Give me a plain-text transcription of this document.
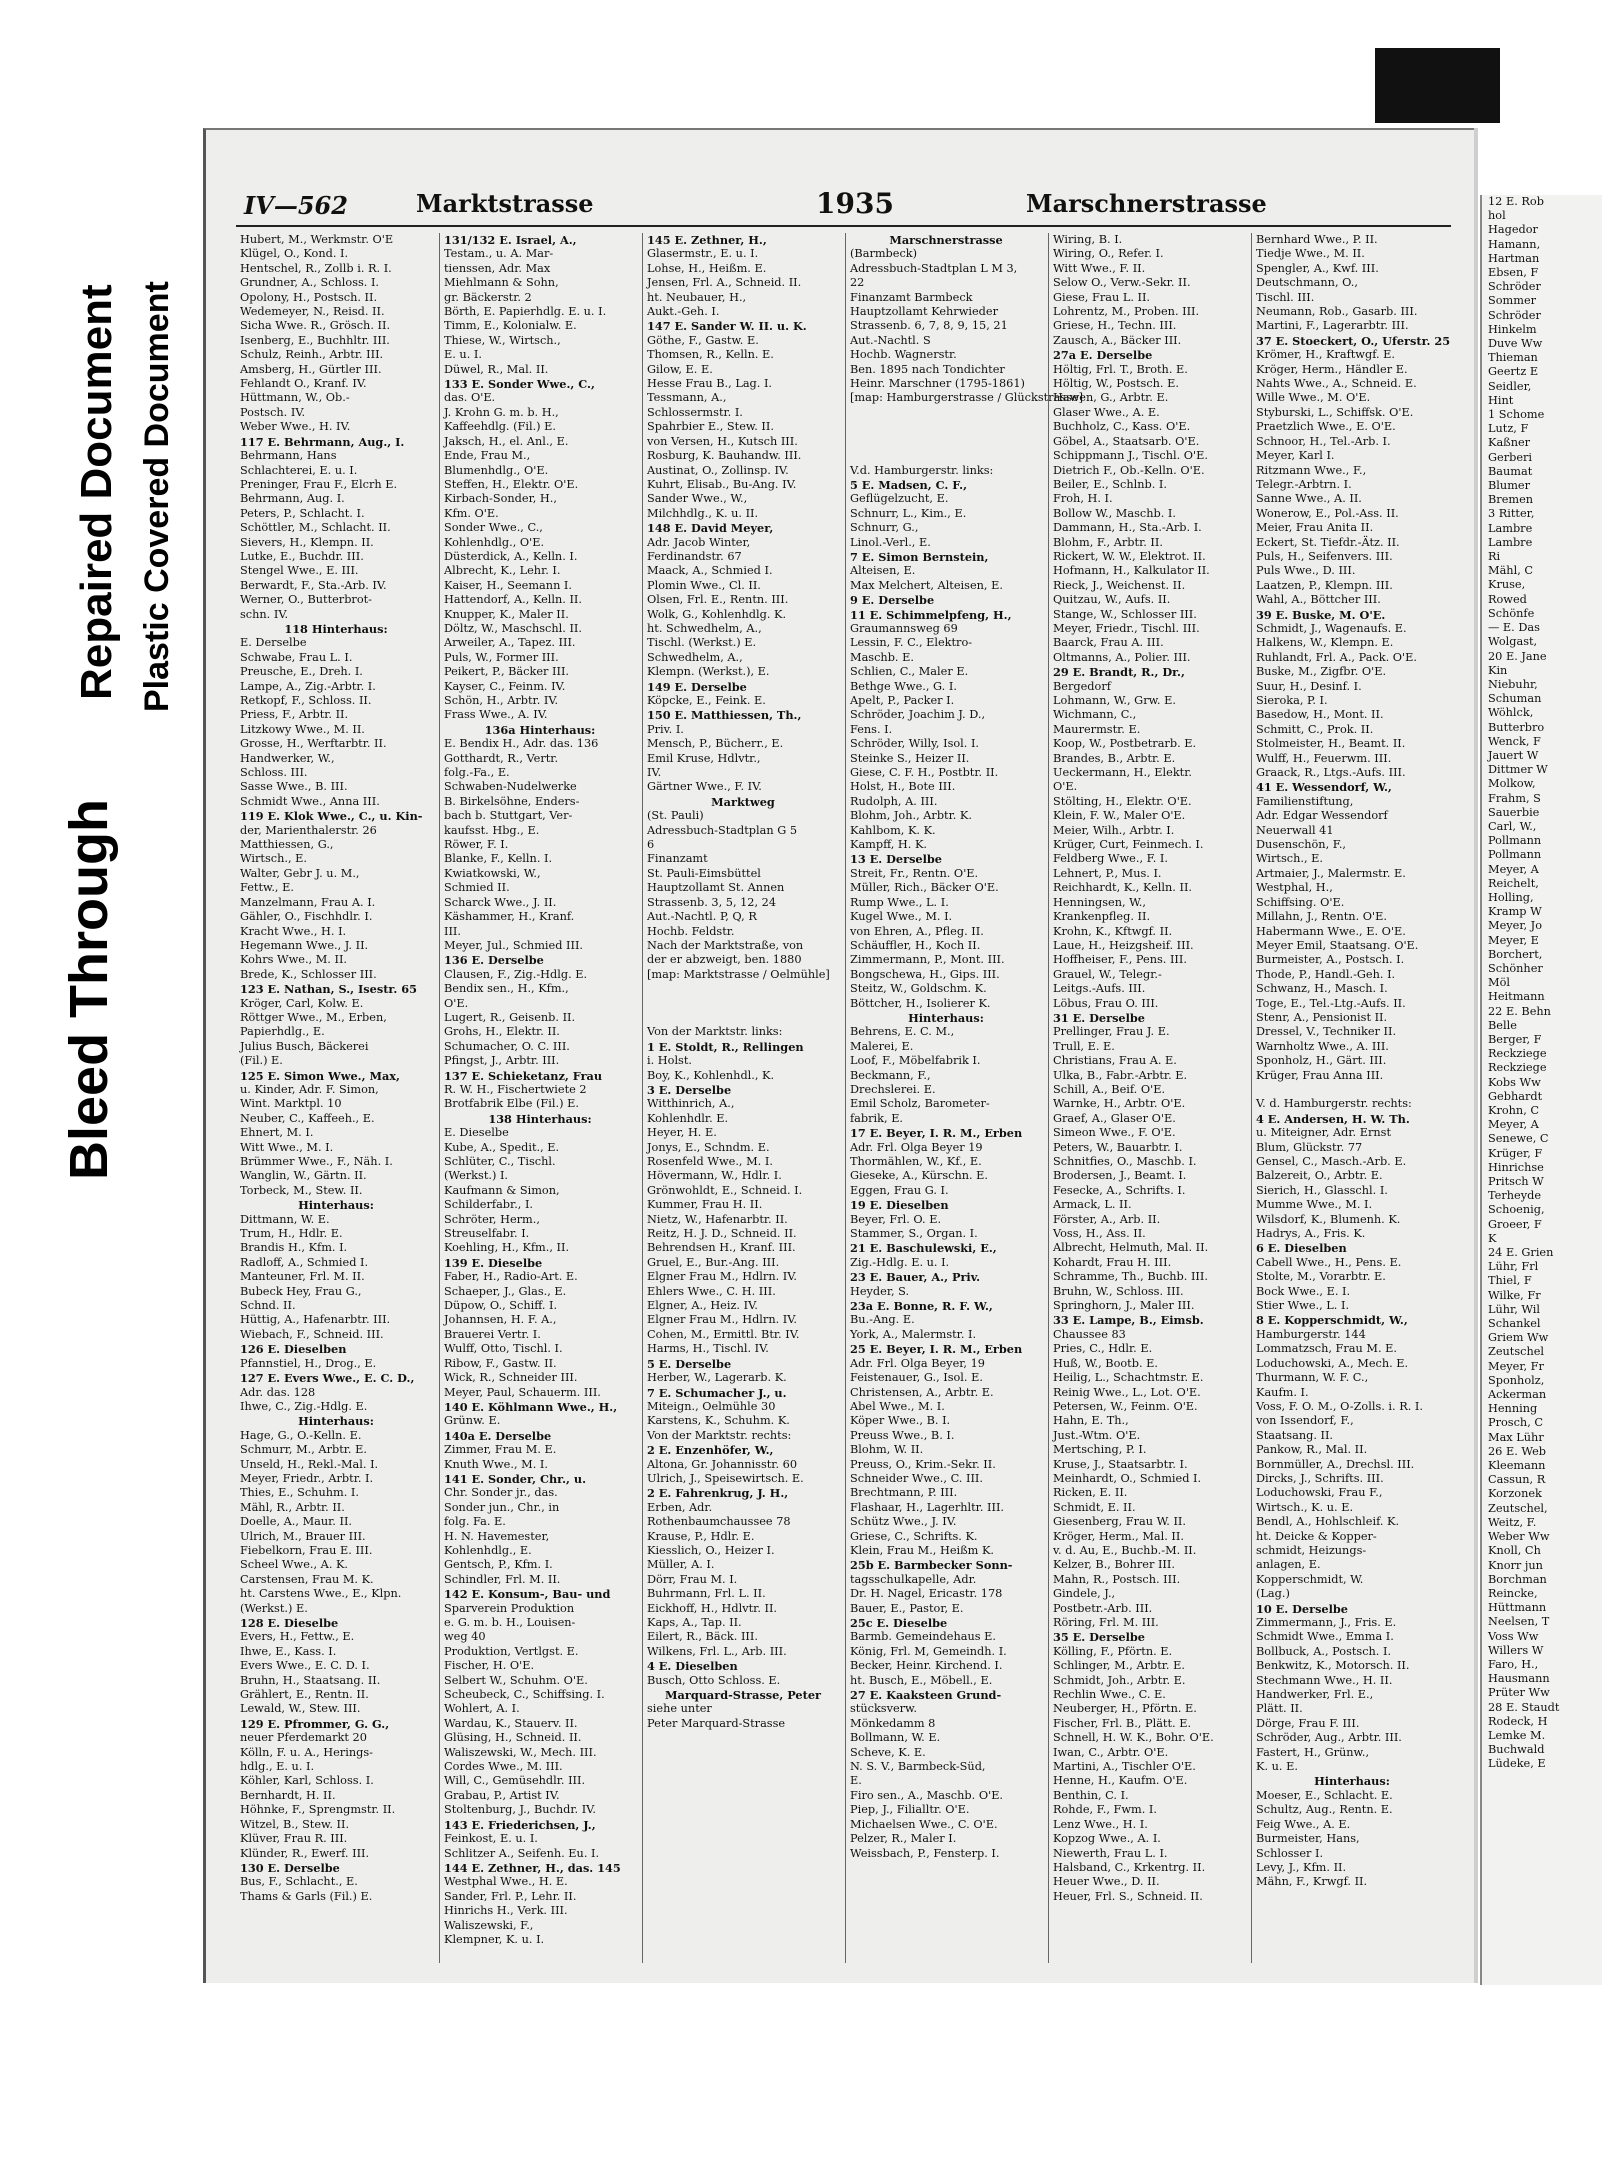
Bleed Through
Repaired Document Plastic Covered Document
IV—562	Marktstrasse	1935	Marschnerstrasse
Hubert, M., Werkmstr. O'E
Klügel, O., Kond. I.
Hentschel, R., Zollb i. R. I.
Grundner, A., Schloss. I.
Opolony, H., Postsch. II.
Wedemeyer, N., Reisd. II.
Sicha Wwe. R., Grösch. II.
Isenberg, E., Buchhltr. III.
Schulz, Reinh., Arbtr. III.
Amsberg, H., Gürtler III.
Fehlandt O., Kranf. IV.
Hüttmann, W., Ob.-
Postsch. IV.
Weber Wwe., H. IV.
117 E. Behrmann, Aug., I.
Behrmann, Hans
Schlachterei, E. u. I.
Preninger, Frau F., Elcrh E.
Behrmann, Aug. I.
Peters, P., Schlacht. I.
Schöttler, M., Schlacht. II.
Sievers, H., Klempn. II.
Lutke, E., Buchdr. III.
Stengel Wwe., E. III.
Berwardt, F., Sta.-Arb. IV.
Werner, O., Butterbrot-
schn. IV.
118 Hinterhaus:
E. Derselbe
Schwabe, Frau L. I.
Preusche, E., Dreh. I.
Lampe, A., Zig.-Arbtr. I.
Retkopf, F., Schloss. II.
Priess, F., Arbtr. II.
Litzkowy Wwe., M. II.
Grosse, H., Werftarbtr. II.
Handwerker, W.,
Schloss. III.
Sasse Wwe., B. III.
Schmidt Wwe., Anna III.
119 E. Klok Wwe., C., u. Kin-
der, Marienthalerstr. 26
Matthiessen, G.,
Wirtsch., E.
Walter, Gebr J. u. M.,
Fettw., E.
Manzelmann, Frau A. I.
Gähler, O., Fischhdlr. I.
Kracht Wwe., H. I.
Hegemann Wwe., J. II.
Kohrs Wwe., M. II.
Brede, K., Schlosser III.
123 E. Nathan, S., Isestr. 65
Kröger, Carl, Kolw. E.
Röttger Wwe., M., Erben,
Papierhdlg., E.
Julius Busch, Bäckerei
(Fil.) E.
125 E. Simon Wwe., Max,
u. Kinder, Adr. F. Simon,
Wint. Marktpl. 10
Neuber, C., Kaffeeh., E.
Ehnert, M. I.
Witt Wwe., M. I.
Brümmer Wwe., F., Näh. I.
Wanglin, W., Gärtn. II.
Torbeck, M., Stew. II.
Hinterhaus:
Dittmann, W. E.
Trum, H., Hdlr. E.
Brandis H., Kfm. I.
Radloff, A., Schmied I.
Manteuner, Frl. M. II.
Bubeck Hey, Frau G.,
Schnd. II.
Hüttig, A., Hafenarbtr. III.
Wiebach, F., Schneid. III.
126 E. Dieselben
Pfannstiel, H., Drog., E.
127 E. Evers Wwe., E. C. D.,
Adr. das. 128
Ihwe, C., Zig.-Hdlg. E.
Hinterhaus:
Hage, G., O.-Kelln. E.
Schmurr, M., Arbtr. E.
Unseld, H., Rekl.-Mal. I.
Meyer, Friedr., Arbtr. I.
Thies, E., Schuhm. I.
Mähl, R., Arbtr. II.
Doelle, A., Maur. II.
Ulrich, M., Brauer III.
Fiebelkorn, Frau E. III.
Scheel Wwe., A. K.
Carstensen, Frau M. K.
ht. Carstens Wwe., E., Klpn.
(Werkst.) E.
128 E. Dieselbe
Evers, H., Fettw., E.
Ihwe, E., Kass. I.
Evers Wwe., E. C. D. I.
Bruhn, H., Staatsang. II.
Grählert, E., Rentn. II.
Lewald, W., Stew. III.
129 E. Pfrommer, G. G.,
neuer Pferdemarkt 20
Kölln, F. u. A., Herings-
hdlg., E. u. I.
Köhler, Karl, Schloss. I.
Bernhardt, H. II.
Höhnke, F., Sprengmstr. II.
Witzel, B., Stew. II.
Klüver, Frau R. III.
Klünder, R., Ewerf. III.
130 E. Derselbe
Bus, F., Schlacht., E.
Thams & Garls (Fil.) E.
131/132 E. Israel, A.,
Testam., u. A. Mar-
tienssen, Adr. Max
Miehlmann & Sohn,
gr. Bäckerstr. 2
Börth, E. Papierhdlg. E. u. I.
Timm, E., Kolonialw. E.
Thiese, W., Wirtsch.,
E. u. I.
Düwel, R., Mal. II.
133 E. Sonder Wwe., C.,
das. O'E.
J. Krohn G. m. b. H.,
Kaffeehdlg. (Fil.) E.
Jaksch, H., el. Anl., E.
Ende, Frau M.,
Blumenhdlg., O'E.
Steffen, H., Elektr. O'E.
Kirbach-Sonder, H.,
Kfm. O'E.
Sonder Wwe., C.,
Kohlenhdlg., O'E.
Düsterdick, A., Kelln. I.
Albrecht, K., Lehr. I.
Kaiser, H., Seemann I.
Hattendorf, A., Kelln. II.
Knupper, K., Maler II.
Döltz, W., Maschschl. II.
Arweiler, A., Tapez. III.
Puls, W., Former III.
Peikert, P., Bäcker III.
Kayser, C., Feinm. IV.
Schön, H., Arbtr. IV.
Frass Wwe., A. IV.
136a Hinterhaus:
E. Bendix H., Adr. das. 136
Gotthardt, R., Vertr.
folg.-Fa., E.
Schwaben-Nudelwerke
B. Birkelsöhne, Enders-
bach b. Stuttgart, Ver-
kaufsst. Hbg., E.
Röwer, F. I.
Blanke, F., Kelln. I.
Kwiatkowski, W.,
Schmied II.
Scharck Wwe., J. II.
Käshammer, H., Kranf.
III.
Meyer, Jul., Schmied III.
136 E. Derselbe
Clausen, F., Zig.-Hdlg. E.
Bendix sen., H., Kfm.,
O'E.
Lugert, R., Geisenb. II.
Grohs, H., Elektr. II.
Schumacher, O. C. III.
Pfingst, J., Arbtr. III.
137 E. Schieketanz, Frau
R. W. H., Fischertwiete 2
Brotfabrik Elbe (Fil.) E.
138 Hinterhaus:
E. Dieselbe
Kube, A., Spedit., E.
Schlüter, C., Tischl.
(Werkst.) I.
Kaufmann & Simon,
Schilderfabr., I.
Schröter, Herm.,
Streuselfabr. I.
Koehling, H., Kfm., II.
139 E. Dieselbe
Faber, H., Radio-Art. E.
Schaeper, J., Glas., E.
Düpow, O., Schiff. I.
Johannsen, H. F. A.,
Brauerei Vertr. I.
Wulff, Otto, Tischl. I.
Ribow, F., Gastw. II.
Wick, R., Schneider III.
Meyer, Paul, Schauerm. III.
140 E. Köhlmann Wwe., H.,
Grünw. E.
140a E. Derselbe
Zimmer, Frau M. E.
Knuth Wwe., M. I.
141 E. Sonder, Chr., u.
Chr. Sonder jr., das.
Sonder jun., Chr., in
folg. Fa. E.
H. N. Havemester,
Kohlenhdlg., E.
Gentsch, P., Kfm. I.
Schindler, Frl. M. II.
142 E. Konsum-, Bau- und
Sparverein Produktion
e. G. m. b. H., Louisen-
weg 40
Produktion, Vertlgst. E.
Fischer, H. O'E.
Selbert W., Schuhm. O'E.
Scheubeck, C., Schiffsing. I.
Wohlert, A. I.
Wardau, K., Stauerv. II.
Glüsing, H., Schneid. II.
Waliszewski, W., Mech. III.
Cordes Wwe., M. III.
Will, C., Gemüsehdlr. III.
Grabau, P., Artist IV.
Stoltenburg, J., Buchdr. IV.
143 E. Friederichsen, J.,
Feinkost, E. u. I.
Schlitzer A., Seifenh. Eu. I.
144 E. Zethner, H., das. 145
Westphal Wwe., H. E.
Sander, Frl. P., Lehr. II.
Hinrichs H., Verk. III.
Waliszewski, F.,
Klempner, K. u. I.
145 E. Zethner, H.,
Glasermstr., E. u. I.
Lohse, H., Heißm. E.
Jensen, Frl. A., Schneid. II.
ht. Neubauer, H.,
Aukt.-Geh. I.
147 E. Sander W. II. u. K.
Göthe, F., Gastw. E.
Thomsen, R., Kelln. E.
Gilow, E. E.
Hesse Frau B., Lag. I.
Tessmann, A.,
Schlossermstr. I.
Spahrbier E., Stew. II.
von Versen, H., Kutsch III.
Rosburg, K. Bauhandw. III.
Austinat, O., Zollinsp. IV.
Kuhrt, Elisab., Bu-Ang. IV.
Sander Wwe., W.,
Milchhdlg., K. u. II.
148 E. David Meyer,
Adr. Jacob Winter,
Ferdinandstr. 67
Maack, A., Schmied I.
Plomin Wwe., Cl. II.
Olsen, Frl. E., Rentn. III.
Wolk, G., Kohlenhdlg. K.
ht. Schwedhelm, A.,
Tischl. (Werkst.) E.
Schwedhelm, A.,
Klempn. (Werkst.), E.
149 E. Derselbe
Köpcke, E., Feink. E.
150 E. Matthiessen, Th.,
Priv. I.
Mensch, P., Bücherr., E.
Emil Kruse, Hdlvtr.,
IV.
Gärtner Wwe., F. IV.
Marktweg
(St. Pauli)
Adressbuch-Stadtplan G 5
6
Finanzamt
St. Pauli-Eimsbüttel
Hauptzollamt St. Annen
Strassenb. 3, 5, 12, 24
Aut.-Nachtl. P, Q, R
Hochb. Feldstr.
Nach der Marktstraße, von
der er abzweigt, ben. 1880
[map: Marktstrasse / Oelmühle]

Von der Marktstr. links:
1 E. Stoldt, R., Rellingen
i. Holst.
Boy, K., Kohlenhdl., K.
3 E. Derselbe
Witthinrich, A.,
Kohlenhdlr. E.
Heyer, H. E.
Jonys, E., Schndm. E.
Rosenfeld Wwe., M. I.
Hövermann, W., Hdlr. I.
Grönwohldt, E., Schneid. I.
Kummer, Frau H. II.
Nietz, W., Hafenarbtr. II.
Reitz, H. J. D., Schneid. II.
Behrendsen H., Kranf. III.
Gruel, E., Bur.-Ang. III.
Elgner Frau M., Hdlrn. IV.
Ehlers Wwe., C. H. III.
Elgner, A., Heiz. IV.
Elgner Frau M., Hdlrn. IV.
Cohen, M., Ermittl. Btr. IV.
Harms, H., Tischl. IV.
5 E. Derselbe
Herber, W., Lagerarb. K.
7 E. Schumacher J., u.
Miteign., Oelmühle 30
Karstens, K., Schuhm. K.
Von der Marktstr. rechts:
2 E. Enzenhöfer, W.,
Altona, Gr. Johannisstr. 60
Ulrich, J., Speisewirtsch. E.
2 E. Fahrenkrug, J. H.,
Erben, Adr.
Rothenbaumchaussee 78
Krause, P., Hdlr. E.
Kiesslich, O., Heizer I.
Müller, A. I.
Dörr, Frau M. I.
Buhrmann, Frl. L. II.
Eickhoff, H., Hdlvtr. II.
Kaps, A., Tap. II.
Eilert, R., Bäck. III.
Wilkens, Frl. L., Arb. III.
4 E. Dieselben
Busch, Otto Schloss. E.
Marquard-Strasse, Peter
siehe unter
Peter Marquard-Strasse
Marschnerstrasse
(Barmbeck)
Adressbuch-Stadtplan L M 3,
22
Finanzamt Barmbeck
Hauptzollamt Kehrwieder
Strassenb. 6, 7, 8, 9, 15, 21
Aut.-Nachtl. S
Hochb. Wagnerstr.
Ben. 1895 nach Tondichter
Heinr. Marschner (1795-1861)
[map: Hamburgerstrasse / Glückstrasse]

V.d. Hamburgerstr. links:
5 E. Madsen, C. F.,
Geflügelzucht, E.
Schnurr, L., Kim., E.
Schnurr, G.,
Linol.-Verl., E.
7 E. Simon Bernstein,
Alteisen, E.
Max Melchert, Alteisen, E.
9 E. Derselbe
11 E. Schimmelpfeng, H.,
Graumannsweg 69
Lessin, F. C., Elektro-
Maschb. E.
Schlien, C., Maler E.
Bethge Wwe., G. I.
Apelt, P., Packer I.
Schröder, Joachim J. D.,
Fens. I.
Schröder, Willy, Isol. I.
Steinke S., Heizer II.
Giese, C. F. H., Postbtr. II.
Holst, H., Bote III.
Rudolph, A. III.
Blohm, Joh., Arbtr. K.
Kahlbom, K. K.
Kampff, H. K.
13 E. Derselbe
Streit, Fr., Rentn. O'E.
Müller, Rich., Bäcker O'E.
Rump Wwe., L. I.
Kugel Wwe., M. I.
von Ehren, A., Pfleg. II.
Schäuffler, H., Koch II.
Zimmermann, P., Mont. III.
Bongschewa, H., Gips. III.
Steitz, W., Goldschm. K.
Böttcher, H., Isolierer K.
Hinterhaus:
Behrens, E. C. M.,
Malerei, E.
Loof, F., Möbelfabrik I.
Beckmann, F.,
Drechslerei. E.
Emil Scholz, Barometer-
fabrik, E.
17 E. Beyer, I. R. M., Erben
Adr. Frl. Olga Beyer 19
Thormählen, W., Kf., E.
Gieseke, A., Kürschn. E.
Eggen, Frau G. I.
19 E. Dieselben
Beyer, Frl. O. E.
Stammer, S., Organ. I.
21 E. Baschulewski, E.,
Zig.-Hdlg. E. u. I.
23 E. Bauer, A., Priv.
Heyder, S.
23a E. Bonne, R. F. W.,
Bu.-Ang. E.
York, A., Malermstr. I.
25 E. Beyer, I. R. M., Erben
Adr. Frl. Olga Beyer, 19
Feistenauer, G., Isol. E.
Christensen, A., Arbtr. E.
Abel Wwe., M. I.
Köper Wwe., B. I.
Preuss Wwe., B. I.
Blohm, W. II.
Preuss, O., Krim.-Sekr. II.
Schneider Wwe., C. III.
Brechtmann, P. III.
Flashaar, H., Lagerhltr. III.
Schütz Wwe., J. IV.
Griese, C., Schrifts. K.
Klein, Frau M., Heißm K.
25b E. Barmbecker Sonn-
tagsschulkapelle, Adr.
Dr. H. Nagel, Ericastr. 178
Bauer, E., Pastor, E.
25c E. Dieselbe
Barmb. Gemeindehaus E.
König, Frl. M, Gemeindh. I.
Becker, Heinr. Kirchend. I.
ht. Busch, E., Möbell., E.
27 E. Kaaksteen Grund-
stücksverw.
Mönkedamm 8
Bollmann, W. E.
Scheve, K. E.
N. S. V., Barmbeck-Süd,
E.
Firo sen., A., Maschb. O'E.
Piep, J., Filialltr. O'E.
Michaelsen Wwe., C. O'E.
Pelzer, R., Maler I.
Weissbach, P., Fensterp. I.
Wiring, B. I.
Wiring, O., Refer. I.
Witt Wwe., F. II.
Selow O., Verw.-Sekr. II.
Giese, Frau L. II.
Lohrentz, M., Proben. III.
Griese, H., Techn. III.
Zausch, A., Bäcker III.
27a E. Derselbe
Höltig, Frl. T., Broth. E.
Höltig, W., Postsch. E.
Hawen, G., Arbtr. E.
Glaser Wwe., A. E.
Buchholz, C., Kass. O'E.
Göbel, A., Staatsarb. O'E.
Schippmann J., Tischl. O'E.
Dietrich F., Ob.-Kelln. O'E.
Beiler, E., Schlnb. I.
Froh, H. I.
Bollow W., Maschb. I.
Dammann, H., Sta.-Arb. I.
Blohm, F., Arbtr. II.
Rickert, W. W., Elektrot. II.
Hofmann, H., Kalkulator II.
Rieck, J., Weichenst. II.
Quitzau, W., Aufs. II.
Stange, W., Schlosser III.
Meyer, Friedr., Tischl. III.
Baarck, Frau A. III.
Oltmanns, A., Polier. III.
29 E. Brandt, R., Dr.,
Bergedorf
Lohmann, W., Grw. E.
Wichmann, C.,
Maurermstr. E.
Koop, W., Postbetrarb. E.
Brandes, B., Arbtr. E.
Ueckermann, H., Elektr.
O'E.
Stölting, H., Elektr. O'E.
Klein, F. W., Maler O'E.
Meier, Wilh., Arbtr. I.
Krüger, Curt, Feinmech. I.
Feldberg Wwe., F. I.
Lehnert, P., Mus. I.
Reichhardt, K., Kelln. II.
Henningsen, W.,
Krankenpfleg. II.
Krohn, K., Kftwgf. II.
Laue, H., Heizgsheif. III.
Hoffheiser, F., Pens. III.
Grauel, W., Telegr.-
Leitgs.-Aufs. III.
Löbus, Frau O. III.
31 E. Derselbe
Prellinger, Frau J. E.
Trull, E. E.
Christians, Frau A. E.
Ulka, B., Fabr.-Arbtr. E.
Schill, A., Beif. O'E.
Warnke, H., Arbtr. O'E.
Graef, A., Glaser O'E.
Simeon Wwe., F. O'E.
Peters, W., Bauarbtr. I.
Schnitfies, O., Maschb. I.
Brodersen, J., Beamt. I.
Fesecke, A., Schrifts. I.
Armack, L. II.
Förster, A., Arb. II.
Voss, H., Ass. II.
Albrecht, Helmuth, Mal. II.
Kohardt, Frau H. III.
Schramme, Th., Buchb. III.
Bruhn, W., Schloss. III.
Springhorn, J., Maler III.
33 E. Lampe, B., Eimsb.
Chaussee 83
Pries, C., Hdlr. E.
Huß, W., Bootb. E.
Heilig, L., Schachtmstr. E.
Reinig Wwe., L., Lot. O'E.
Petersen, W., Feinm. O'E.
Hahn, E. Th.,
Just.-Wtm. O'E.
Mertsching, P. I.
Kruse, J., Staatsarbtr. I.
Meinhardt, O., Schmied I.
Ricken, E. II.
Schmidt, E. II.
Giesenberg, Frau W. II.
Kröger, Herm., Mal. II.
v. d. Au, E., Buchb.-M. II.
Kelzer, B., Bohrer III.
Mahn, R., Postsch. III.
Gindele, J.,
Postbetr.-Arb. III.
Röring, Frl. M. III.
35 E. Derselbe
Kölling, F., Pförtn. E.
Schlinger, M., Arbtr. E.
Schmidt, Joh., Arbtr. E.
Rechlin Wwe., C. E.
Neuberger, H., Pförtn. E.
Fischer, Frl. B., Plätt. E.
Schnell, H. W. K., Bohr. O'E.
Iwan, C., Arbtr. O'E.
Martini, A., Tischler O'E.
Henne, H., Kaufm. O'E.
Benthin, C. I.
Rohde, F., Fwm. I.
Lenz Wwe., H. I.
Kopzog Wwe., A. I.
Niewerth, Frau L. I.
Halsband, C., Krkentrg. II.
Heuer Wwe., D. II.
Heuer, Frl. S., Schneid. II.
Bernhard Wwe., P. II.
Tiedje Wwe., M. II.
Spengler, A., Kwf. III.
Deutschmann, O.,
Tischl. III.
Neumann, Rob., Gasarb. III.
Martini, F., Lagerarbtr. III.
37 E. Stoeckert, O., Uferstr. 25
Krömer, H., Kraftwgf. E.
Kröger, Herm., Händler E.
Nahts Wwe., A., Schneid. E.
Wille Wwe., M. O'E.
Styburski, L., Schiffsk. O'E.
Praetzlich Wwe., E. O'E.
Schnoor, H., Tel.-Arb. I.
Meyer, Karl I.
Ritzmann Wwe., F.,
Telegr.-Arbtrn. I.
Sanne Wwe., A. II.
Wonerow, E., Pol.-Ass. II.
Meier, Frau Anita II.
Eckert, St. Tiefdr.-Ätz. II.
Puls, H., Seifenvers. III.
Puls Wwe., D. III.
Laatzen, P., Klempn. III.
Wahl, A., Böttcher III.
39 E. Buske, M. O'E.
Schmidt, J., Wagenaufs. E.
Halkens, W., Klempn. E.
Ruhlandt, Frl. A., Pack. O'E.
Buske, M., Zigfbr. O'E.
Suur, H., Desinf. I.
Sieroka, P. I.
Basedow, H., Mont. II.
Schmitt, C., Prok. II.
Stolmeister, H., Beamt. II.
Wulff, H., Feuerwm. III.
Graack, R., Ltgs.-Aufs. III.
41 E. Wessendorf, W.,
Familienstiftung,
Adr. Edgar Wessendorf
Neuerwall 41
Dusenschön, F.,
Wirtsch., E.
Artmaier, J., Malermstr. E.
Westphal, H.,
Schiffsing. O'E.
Millahn, J., Rentn. O'E.
Habermann Wwe., E. O'E.
Meyer Emil, Staatsang. O'E.
Burmeister, A., Postsch. I.
Thode, P., Handl.-Geh. I.
Schwanz, H., Masch. I.
Toge, E., Tel.-Ltg.-Aufs. II.
Stenr, A., Pensionist II.
Dressel, V., Techniker II.
Warnholtz Wwe., A. III.
Sponholz, H., Gärt. III.
Krüger, Frau Anna III.

V. d. Hamburgerstr. rechts:
4 E. Andersen, H. W. Th.
u. Miteigner, Adr. Ernst
Blum, Glückstr. 77
Gensel, C., Masch.-Arb. E.
Balzereit, O., Arbtr. E.
Sierich, H., Glasschl. I.
Mumme Wwe., M. I.
Wilsdorf, K., Blumenh. K.
Hadrys, A., Fris. K.
6 E. Dieselben
Cabell Wwe., H., Pens. E.
Stolte, M., Vorarbtr. E.
Bock Wwe., E. I.
Stier Wwe., L. I.
8 E. Kopperschmidt, W.,
Hamburgerstr. 144
Lommatzsch, Frau M. E.
Loduchowski, A., Mech. E.
Thurmann, W. F. C.,
Kaufm. I.
Voss, F. O. M., O-Zolls. i. R. I.
von Issendorf, F.,
Staatsang. II.
Pankow, R., Mal. II.
Bornmüller, A., Drechsl. III.
Dircks, J., Schrifts. III.
Loduchowski, Frau F.,
Wirtsch., K. u. E.
Bendl, A., Hohlschleif. K.
ht. Deicke & Kopper-
schmidt, Heizungs-
anlagen, E.
Kopperschmidt, W.
(Lag.)
10 E. Derselbe
Zimmermann, J., Fris. E.
Schmidt Wwe., Emma I.
Bollbuck, A., Postsch. I.
Benkwitz, K., Motorsch. II.
Stechmann Wwe., H. II.
Handwerker, Frl. E.,
Plätt. II.
Dörge, Frau F. III.
Schröder, Aug., Arbtr. III.
Fastert, H., Grünw.,
K. u. E.
Hinterhaus:
Moeser, E., Schlacht. E.
Schultz, Aug., Rentn. E.
Feig Wwe., A. E.
Burmeister, Hans,
Schlosser I.
Levy, J., Kfm. II.
Mähn, F., Krwgf. II.
12 E. Rob
hol
Hagedor
Hamann,
Hartman
Ebsen, F
Schröder
Sommer
Schröder
Hinkelm
Duve Ww
Thieman
Geertz E
Seidler,
Hint
1 Schome
Lutz, F
Kaßner
Gerberi
Baumat
Blumer
Bremen
3 Ritter,
Lambre
Lambre
Ri
Mähl, C
Kruse,
Rowed
Schönfe
— E. Das
Wolgast,
20 E. Jane
Kin
Niebuhr,
Schuman
Wöhlck,
Butterbro
Wenck, F
Jauert W
Dittmer W
Molkow,
Frahm, S
Sauerbie
Carl, W.,
Pollmann
Pollmann
Meyer, A
Reichelt,
Holling,
Kramp W
Meyer, Jo
Meyer, E
Borchert,
Schönher
Möl
Heitmann
22 E. Behn
Belle
Berger, F
Reckziege
Reckziege
Kobs Ww
Gebhardt
Krohn, C
Meyer, A
Senewe, C
Krüger, F
Hinrichse
Pritsch W
Terheyde
Schoenig,
Groeer, F
K
24 E. Grien
Lühr, Frl
Thiel, F
Wilke, Fr
Lühr, Wil
Schankel
Griem Ww
Zeutschel
Meyer, Fr
Sponholz,
Ackerman
Henning
Prosch, C
Max Lühr
26 E. Web
Kleemann
Cassun, R
Korzonek
Zeutschel,
Weitz, F.
Weber Ww
Knoll, Ch
Knorr jun
Borchman
Reincke,
Hüttmann
Neelsen, T
Voss Ww
Willers W
Faro, H.,
Hausmann
Prüter Ww
28 E. Staudt
Rodeck, H
Lemke M.
Buchwald
Lüdeke, E
